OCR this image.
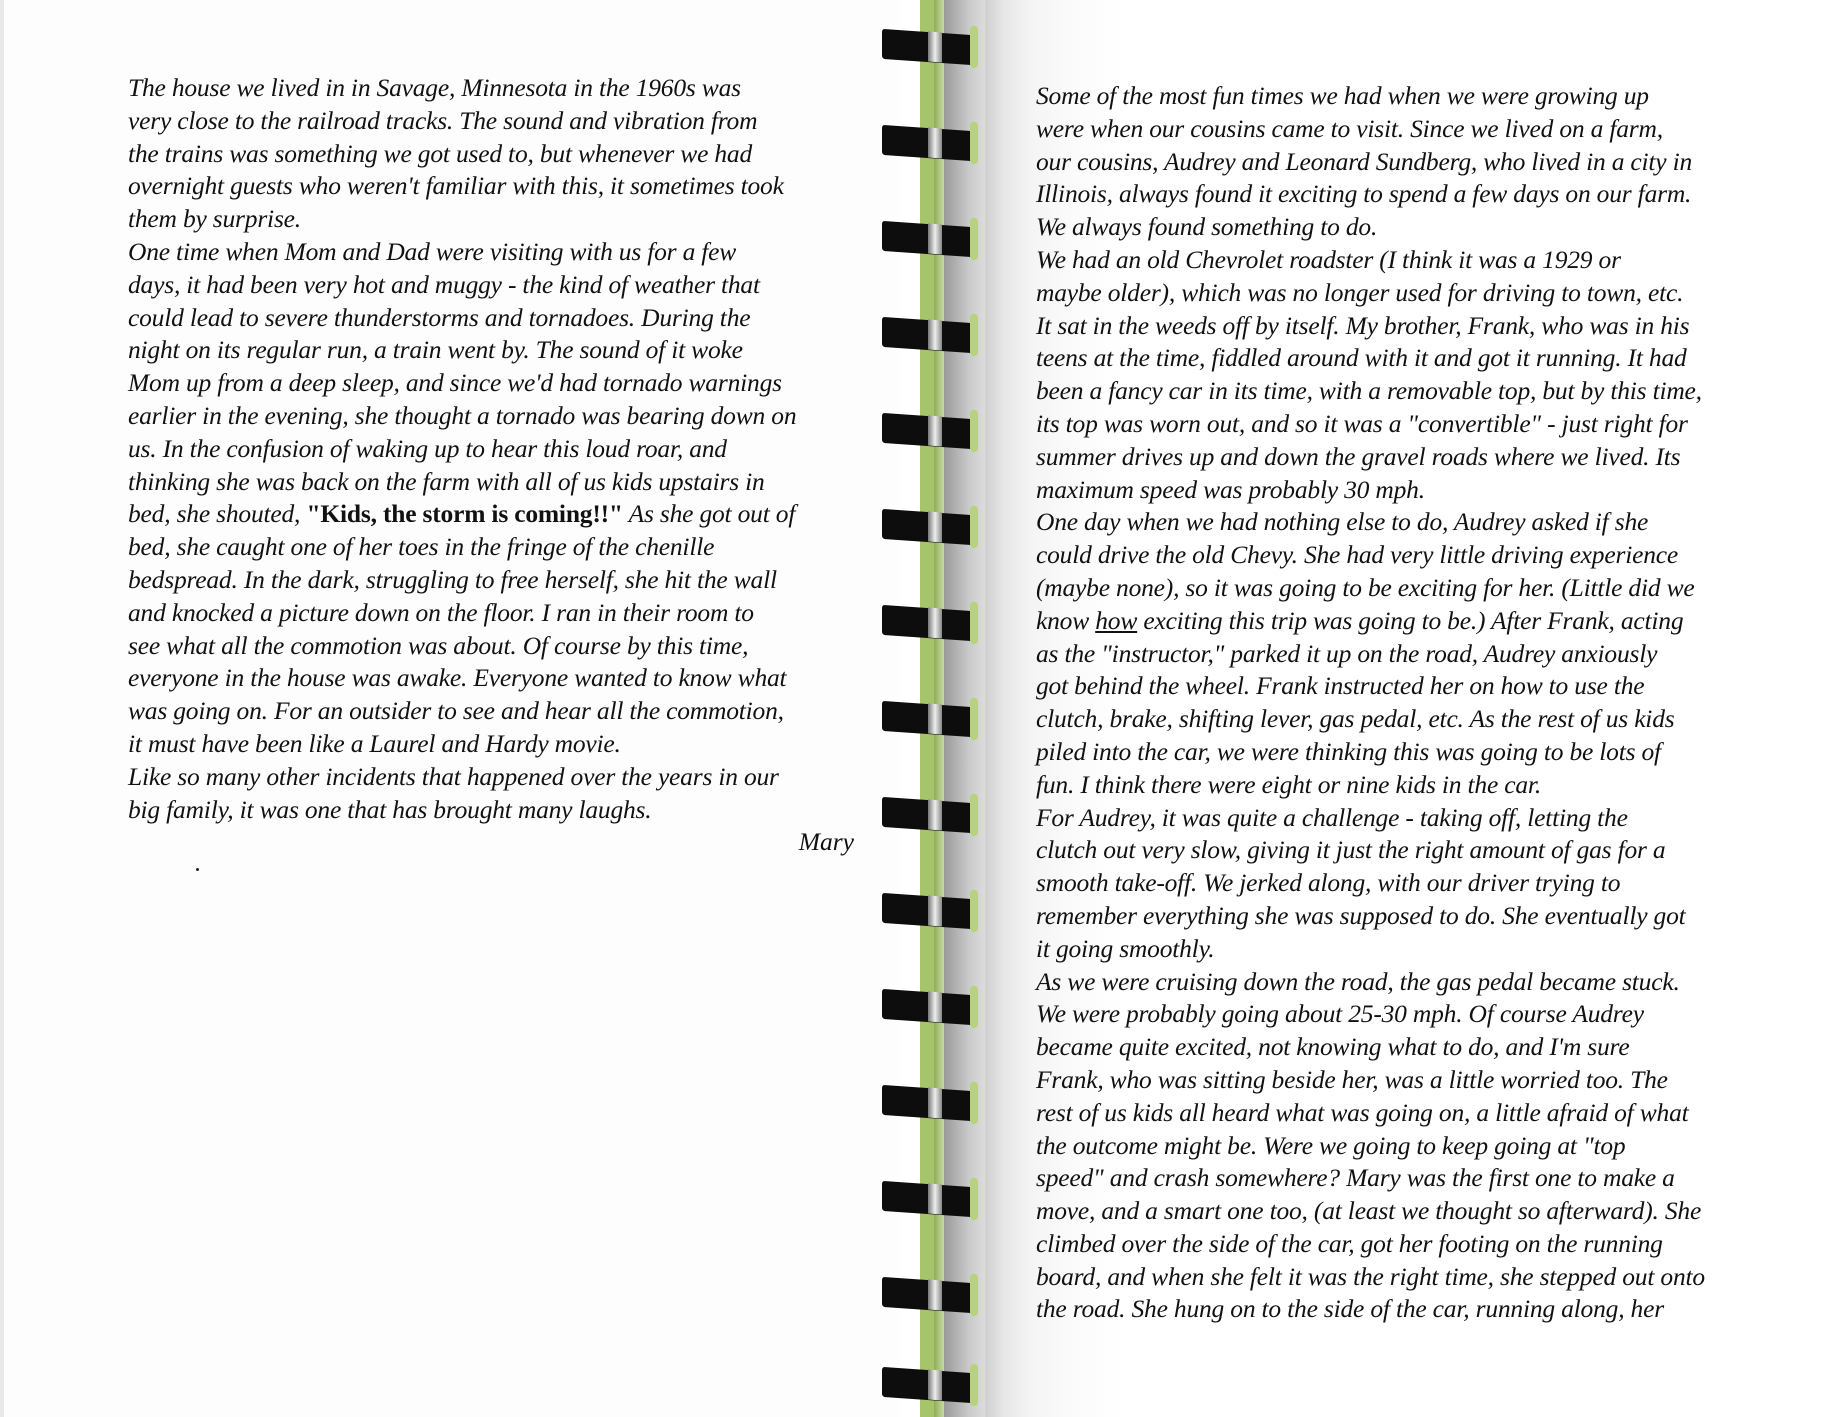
The house we lived in in Savage, Minnesota in the 1960s was
very close to the railroad tracks. The sound and vibration from
the trains was something we got used to, but whenever we had
overnight guests who weren't familiar with this, it sometimes took
them by surprise.

One time when Mom and Dad were visiting with us for a few
days, it had been very hot and muggy - the kind of weather that
could lead to severe thunderstorms and tornadoes. During the
night on its regular run, a train went by. The sound of it woke
Mom up from a deep sleep, and since we'd had tornado warnings
earlier in the evening, she thought a tornado was bearing down on
us. In the confusion of waking up to hear this loud roar, and
thinking she was back on the farm with all of us kids upstairs in
bed, she shouted, "Kids, the storm is coming!!" As she got out of
bed, she caught one of her toes in the fringe of the chenille
bedspread. In the dark, struggling to free herself, she hit the wall
and knocked a picture down on the floor. I ran in their room to
see what all the commotion was about. Of course by this time,
everyone in the house was awake. Everyone wanted to know what
was going on. For an outsider to see and hear all the commotion,
it must have been like a Laurel and Hardy movie.

Like so many other incidents that happened over the years in our
big family, it was one that has brought many laughs.

Mary

Some of the most fun times we had when we were growing up
were when our cousins came to visit. Since we lived on a farm,
our cousins, Audrey and Leonard Sundberg, who lived in a city in
Illinois, always found it exciting to spend a few days on our farm.
We always found something to do.

We had an old Chevrolet roadster (I think it was a 1929 or
maybe older), which was no longer used for driving to town, etc.
It sat in the weeds off by itself. My brother, Frank, who was in his
teens at the time, fiddled around with it and got it running. It had
been a fancy car in its time, with a removable top, but by this time,
its top was worn out, and so it was a "convertible" - just right for
summer drives up and down the gravel roads where we lived. Its
maximum speed was probably 30 mph.

One day when we had nothing else to do, Audrey asked if she
could drive the old Chevy. She had very little driving experience
(maybe none), so it was going to be exciting for her. (Little did we
know how exciting this trip was going to be.) After Frank, acting
as the "instructor," parked it up on the road, Audrey anxiously
got behind the wheel. Frank instructed her on how to use the
clutch, brake, shifting lever, gas pedal, etc. As the rest of us kids
piled into the car, we were thinking this was going to be lots of
fun. I think there were eight or nine kids in the car.

For Audrey, it was quite a challenge - taking off, letting the
clutch out very slow, giving it just the right amount of gas for a
smooth take-off. We jerked along, with our driver trying to
remember everything she was supposed to do. She eventually got
it going smoothly.

As we were cruising down the road, the gas pedal became stuck.
We were probably going about 25-30 mph. Of course Audrey
became quite excited, not knowing what to do, and I'm sure
Frank, who was sitting beside her, was a little worried too. The
rest of us kids all heard what was going on, a little afraid of what
the outcome might be. Were we going to keep going at "top
speed" and crash somewhere? Mary was the first one to make a
move, and a smart one too, (at least we thought so afterward). She
climbed over the side of the car, got her footing on the running
board, and when she felt it was the right time, she stepped out onto
the road. She hung on to the side of the car, running along, her
